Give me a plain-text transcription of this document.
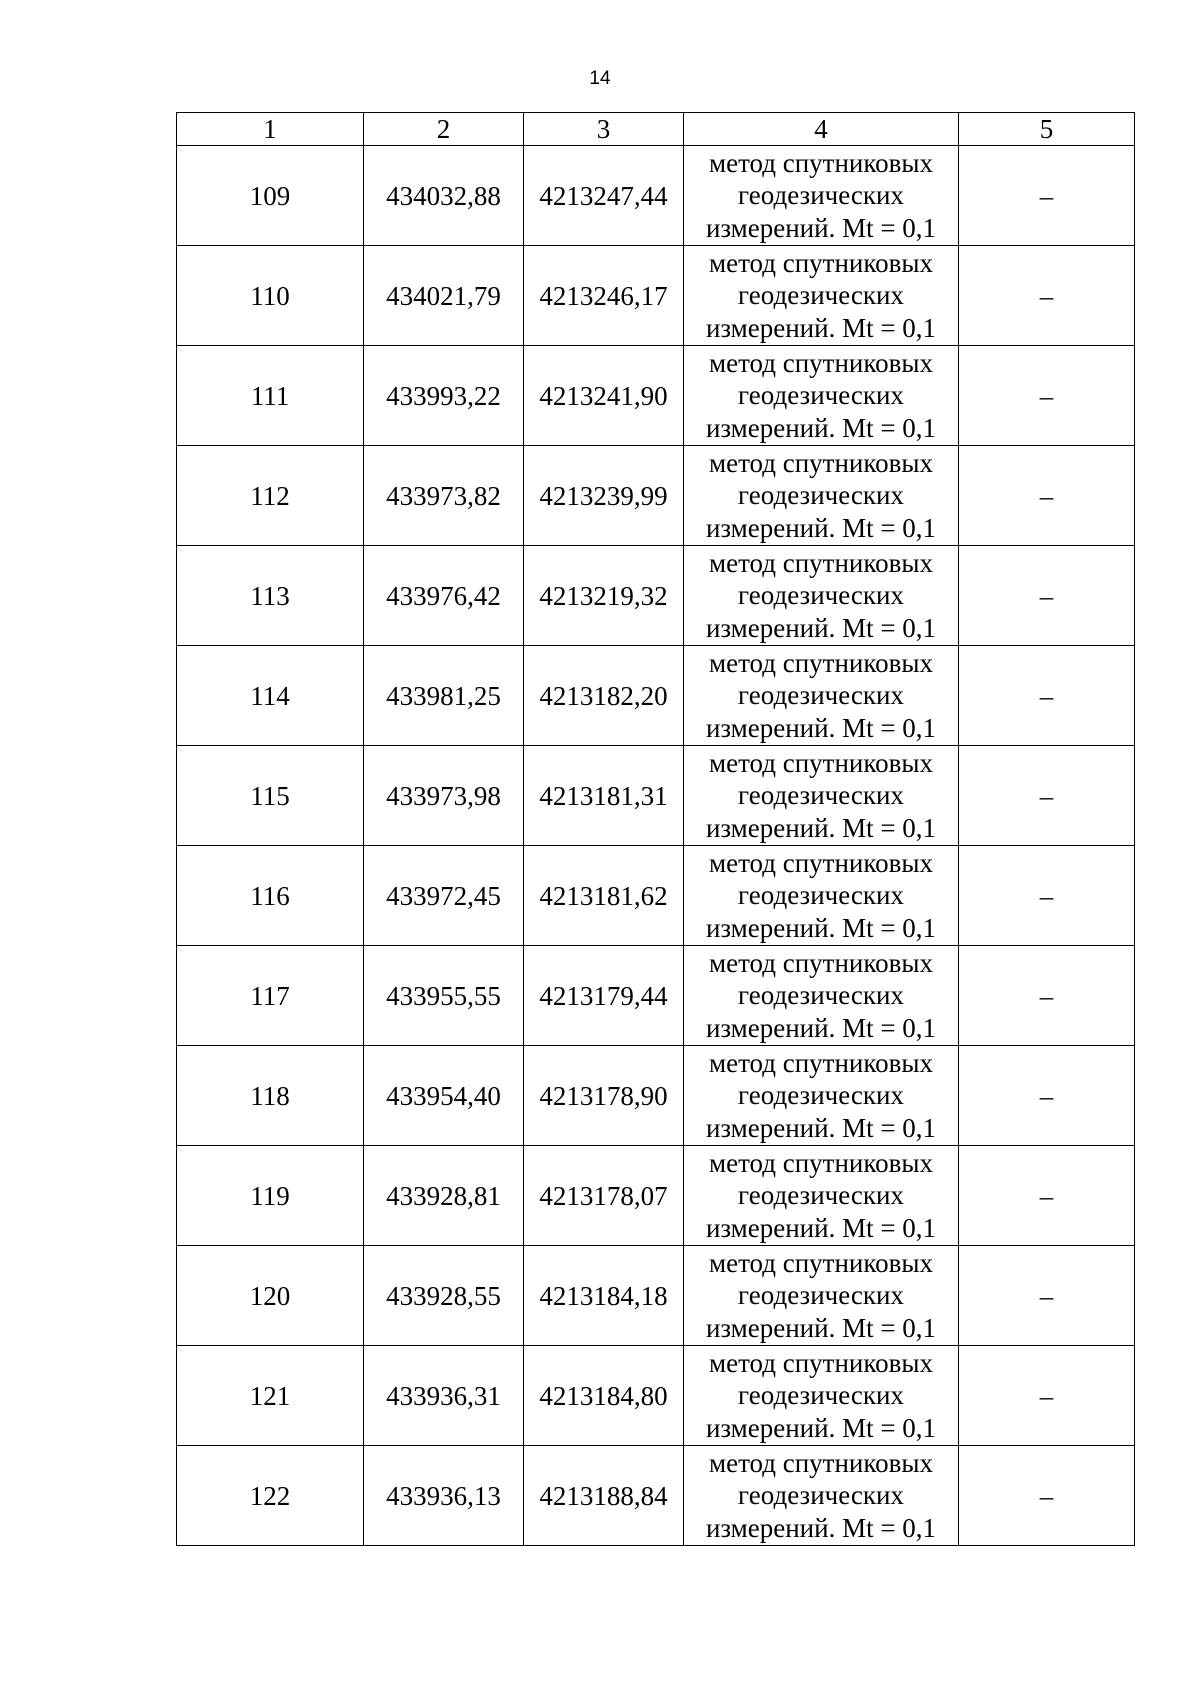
14
1	2	3	4	5
109	434032,88	4213247,44	метод спутниковых
геодезических
измерений. Mt = 0,1	–
110	434021,79	4213246,17	метод спутниковых
геодезических
измерений. Mt = 0,1	–
111	433993,22	4213241,90	метод спутниковых
геодезических
измерений. Mt = 0,1	–
112	433973,82	4213239,99	метод спутниковых
геодезических
измерений. Mt = 0,1	–
113	433976,42	4213219,32	метод спутниковых
геодезических
измерений. Mt = 0,1	–
114	433981,25	4213182,20	метод спутниковых
геодезических
измерений. Mt = 0,1	–
115	433973,98	4213181,31	метод спутниковых
геодезических
измерений. Mt = 0,1	–
116	433972,45	4213181,62	метод спутниковых
геодезических
измерений. Mt = 0,1	–
117	433955,55	4213179,44	метод спутниковых
геодезических
измерений. Mt = 0,1	–
118	433954,40	4213178,90	метод спутниковых
геодезических
измерений. Mt = 0,1	–
119	433928,81	4213178,07	метод спутниковых
геодезических
измерений. Mt = 0,1	–
120	433928,55	4213184,18	метод спутниковых
геодезических
измерений. Mt = 0,1	–
121	433936,31	4213184,80	метод спутниковых
геодезических
измерений. Mt = 0,1	–
122	433936,13	4213188,84	метод спутниковых
геодезических
измерений. Mt = 0,1	–
